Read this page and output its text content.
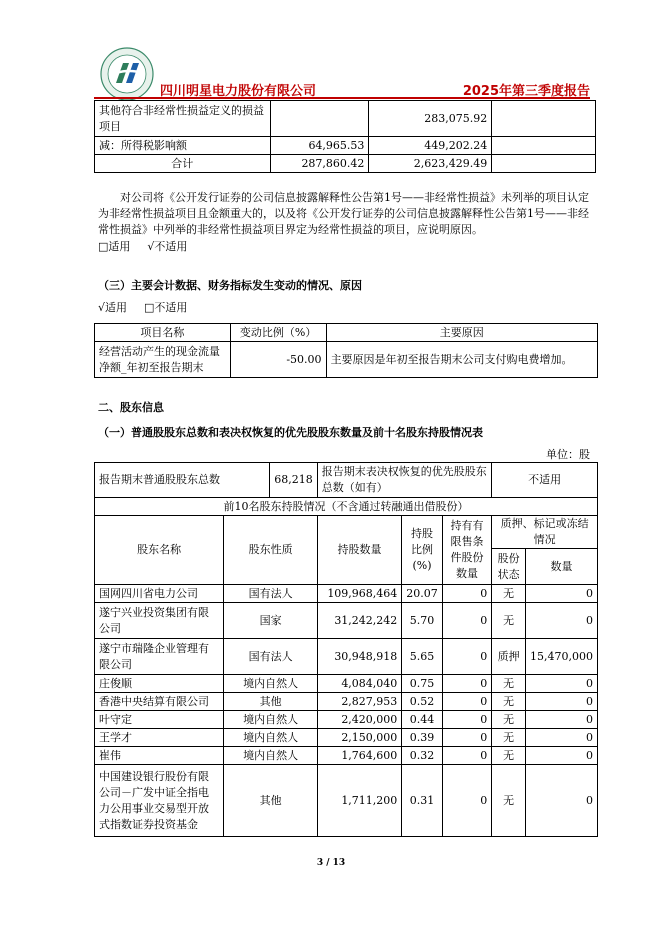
四川明星电力股份有限公司	2025年第三季度报告
其他符合非经常性损益定义的损益项目		283,075.92	
减：所得税影响额	64,965.53	449,202.24	
合计	287,860.42	2,623,429.49	
对公司将《公开发行证券的公司信息披露解释性公告第1号——非经常性损益》未列举的项目认定为非经常性损益项目且金额重大的，以及将《公开发行证券的公司信息披露解释性公告第1号——非经常性损益》中列举的非经常性损益项目界定为经常性损益的项目，应说明原因。
□适用 √不适用
（三）主要会计数据、财务指标发生变动的情况、原因
√适用 □不适用
项目名称	变动比例（%）	主要原因
经营活动产生的现金流量净额_年初至报告期末	-50.00	主要原因是年初至报告期末公司支付购电费增加。
二、股东信息
（一）普通股股东总数和表决权恢复的优先股股东数量及前十名股东持股情况表
单位：股
报告期末普通股股东总数		68,218	报告期末表决权恢复的优先股股东总数（如有）			不适用	
前10名股东持股情况（不含通过转融通出借股份）							
股东名称	股东性质		持股数量	持股比例(%)	持有有限售条件股份数量	质押、标记或冻结情况	
						股份状态	数量
国网四川省电力公司	国有法人		109,968,464	20.07	0	无	0
遂宁兴业投资集团有限公司	国家		31,242,242	5.70	0	无	0
遂宁市瑞隆企业管理有限公司	国有法人		30,948,918	5.65	0	质押	15,470,000
庄俊顺	境内自然人		4,084,040	0.75	0	无	0
香港中央结算有限公司	其他		2,827,953	0.52	0	无	0
叶守定	境内自然人		2,420,000	0.44	0	无	0
王学才	境内自然人		2,150,000	0.39	0	无	0
崔伟	境内自然人		1,764,600	0.32	0	无	0
中国建设银行股份有限公司－广发中证全指电力公用事业交易型开放式指数证券投资基金	其他		1,711,200	0.31	0	无	0
3 / 13
